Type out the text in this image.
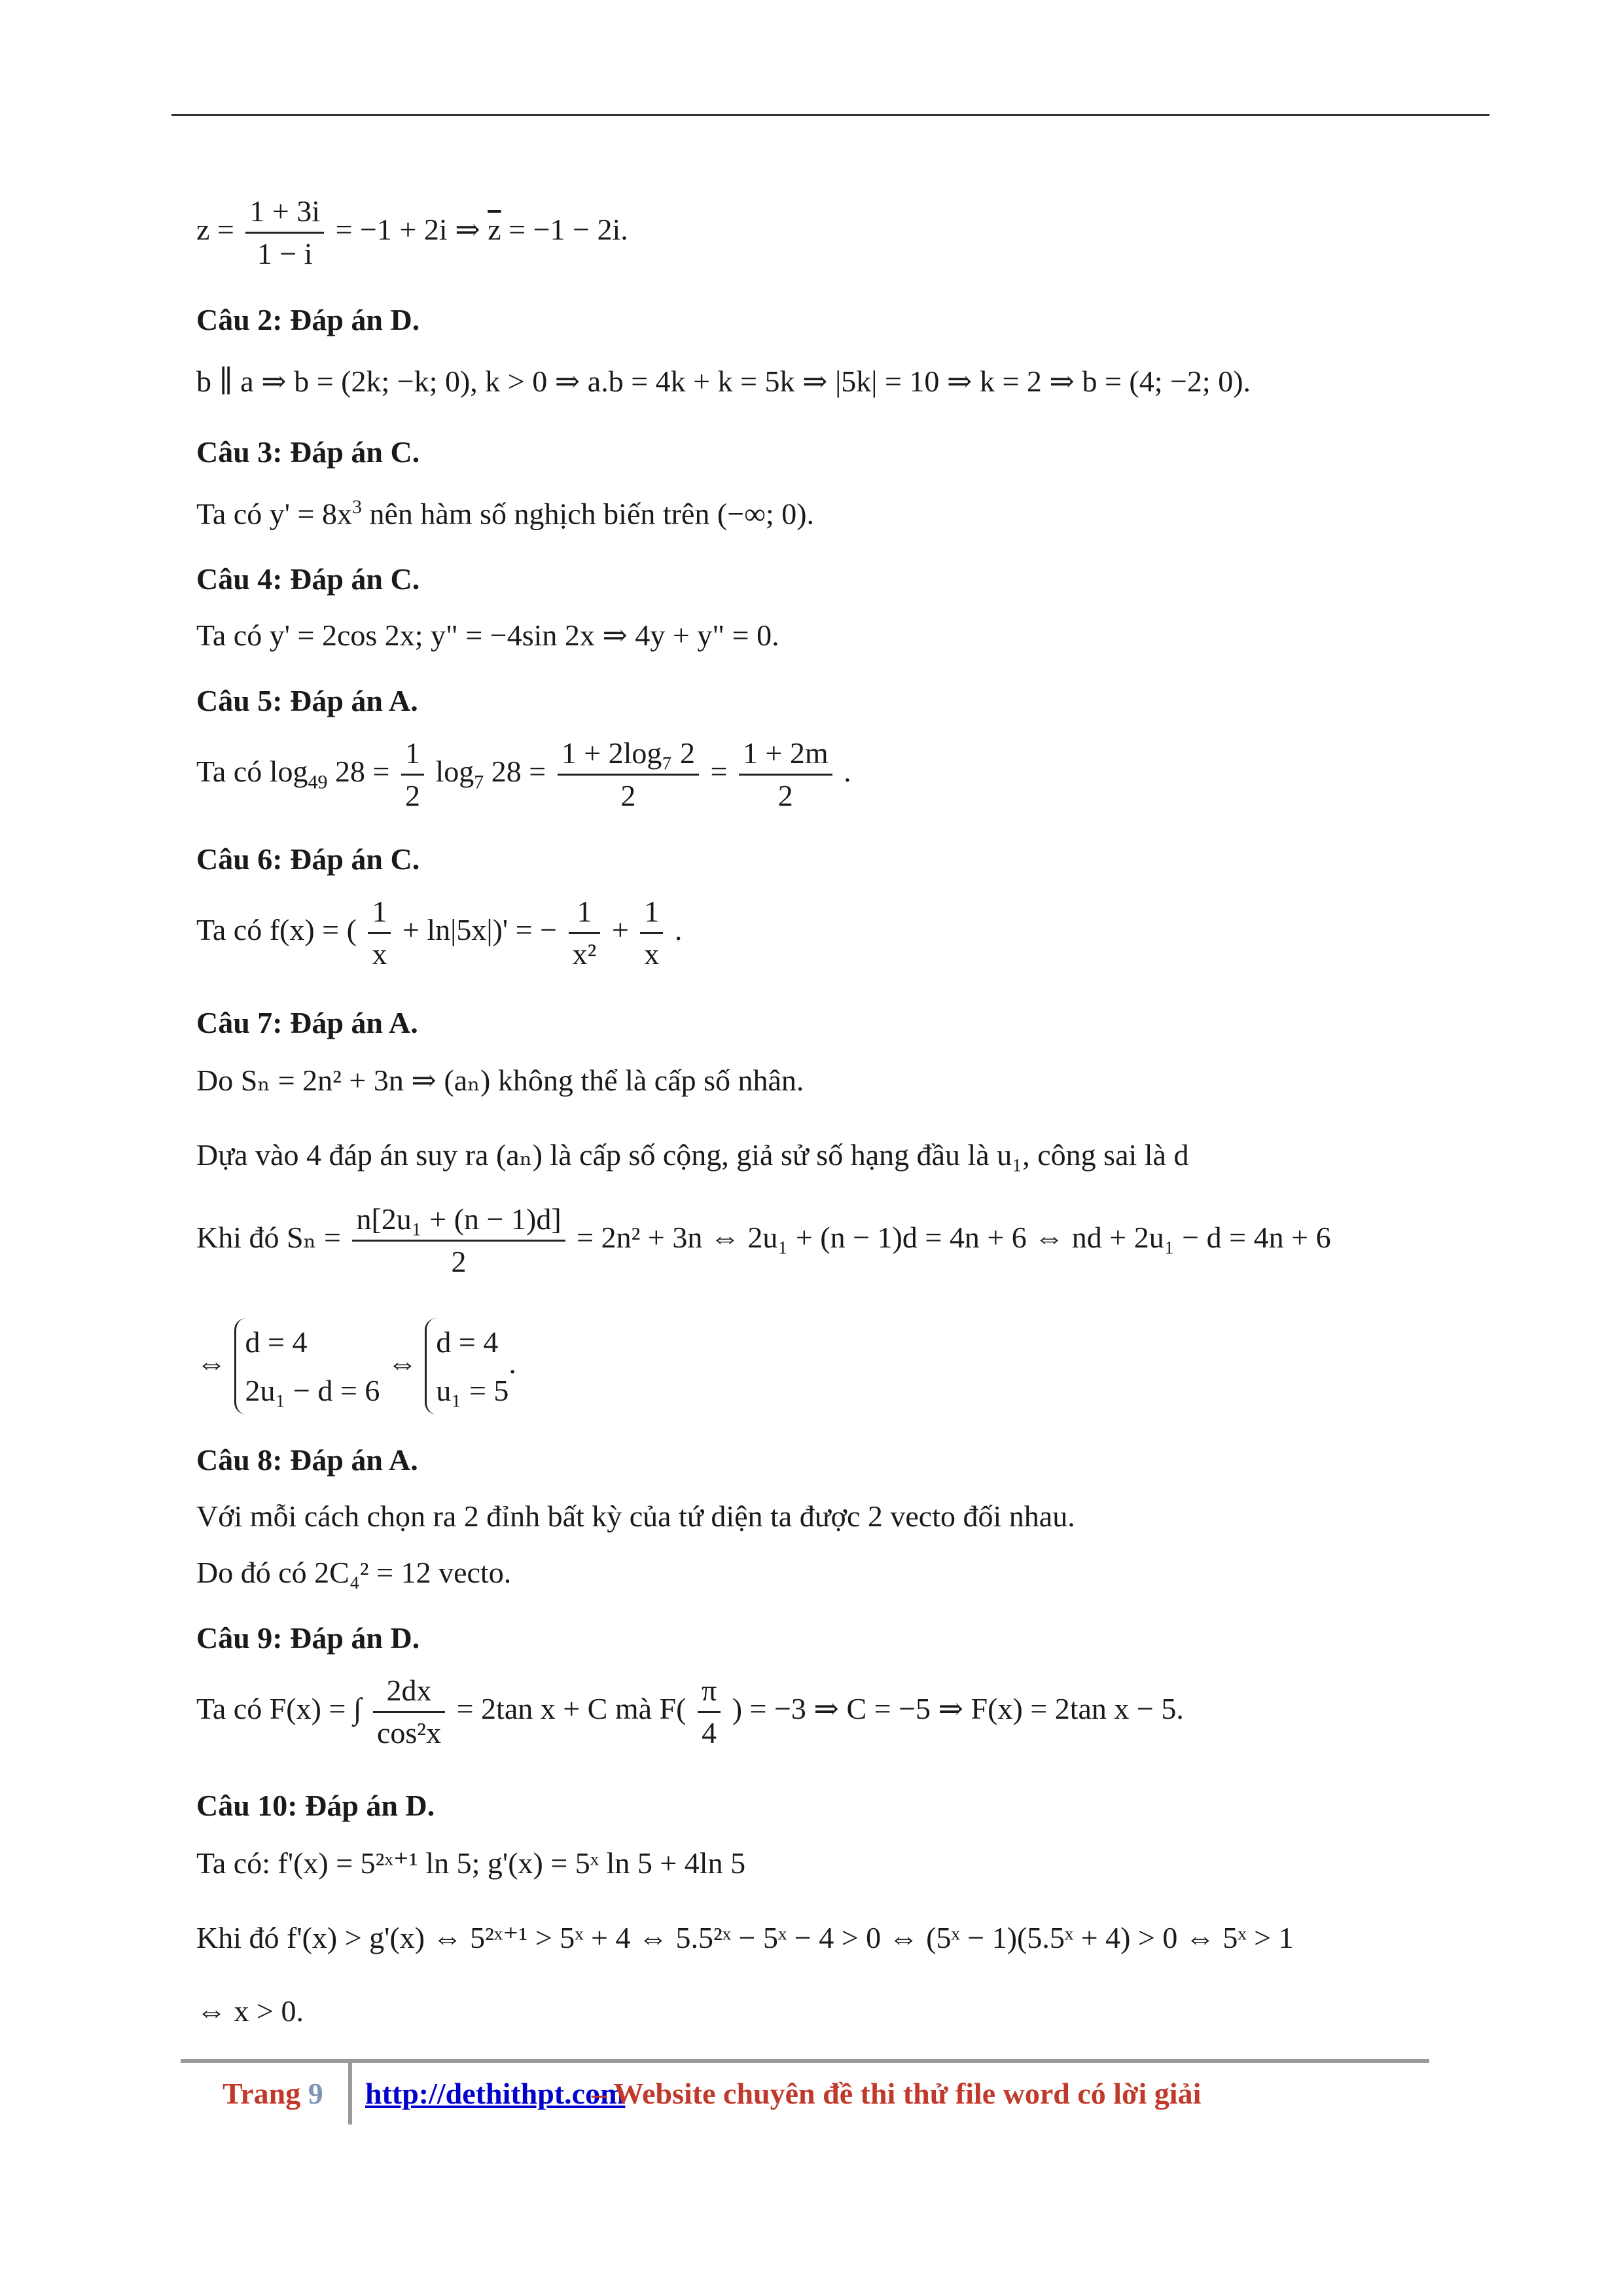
$z = \frac{1 + 3i}{1 - i} = -1 + 2i$ ⇒ $\overline{z} = -1 - 2i$.
Câu 2: Đáp án D.
b ∥ a ⇒ b = (2k; −k; 0), k > 0 ⇒ a.b = 4k + k = 5k ⇒ |5k| = 10 ⇒ k = 2 ⇒ b = (4; −2; 0).
Câu 3: Đáp án C.
Ta có $y' = 8x^3$ nên hàm số nghịch biến trên (−∞; 0).
Câu 4: Đáp án C.
Ta có y' = 2cos 2x; y" = −4sin 2x ⇒ 4y + y" = 0.
Câu 5: Đáp án A.
Ta có $\log_{49} 28 = \frac{1}{2} \log_7 28 = \frac{\text{1 + 2log₇ 2}}{2} = \frac{1 + 2m}{2}$ .
Câu 6: Đáp án C.
Ta có f(x) = ( $\frac{1}{x} + \ln|5x|)'$ = − $\frac{1}{\text{x²}} + \frac{1}{x}$ .
Câu 7: Đáp án A.
Do Sₙ = 2n² + 3n ⇒ (aₙ) không thể là cấp số nhân.
Dựa vào 4 đáp án suy ra (aₙ) là cấp số cộng, giả sử số hạng đầu là u₁, công sai là d
Khi đó $S_n = \frac{\text{n[2u₁ + (n − 1)d]}}{2} = 2n^2 + 3n$ ⇔ 2u₁ + (n − 1)d = 4n + 6 ⇔ nd + 2u₁ − d = 4n + 6
⇔ d = 4
2u₁ − d = 6 ⇔ d = 4
u₁ = 5.
Câu 8: Đáp án A.
Với mỗi cách chọn ra 2 đỉnh bất kỳ của tứ diện ta được 2 vecto đối nhau.
Do đó có 2C₄² = 12 vecto.
Câu 9: Đáp án D.
Ta có F(x) = ∫ $\frac{2dx}{\text{cos²x}} = 2\tan$ x + C mà $F( \frac{\pi}{4}$ ) = −3 ⇒ C = −5 ⇒ F(x) = 2tan x − 5.
Câu 10: Đáp án D.
Ta có: f'(x) = 5²ˣ⁺¹ ln 5; g'(x) = 5ˣ ln 5 + 4ln 5
Khi đó f'(x) > g'(x) ⇔ 5²ˣ⁺¹ > 5ˣ + 4 ⇔ 5.5²ˣ − 5ˣ − 4 > 0 ⇔ (5ˣ − 1)(5.5ˣ + 4) > 0 ⇔ 5ˣ > 1
⇔ x > 0.
Trang 9 http://dethithpt.com
– Website chuyên đề thi thử file word có lời giải
